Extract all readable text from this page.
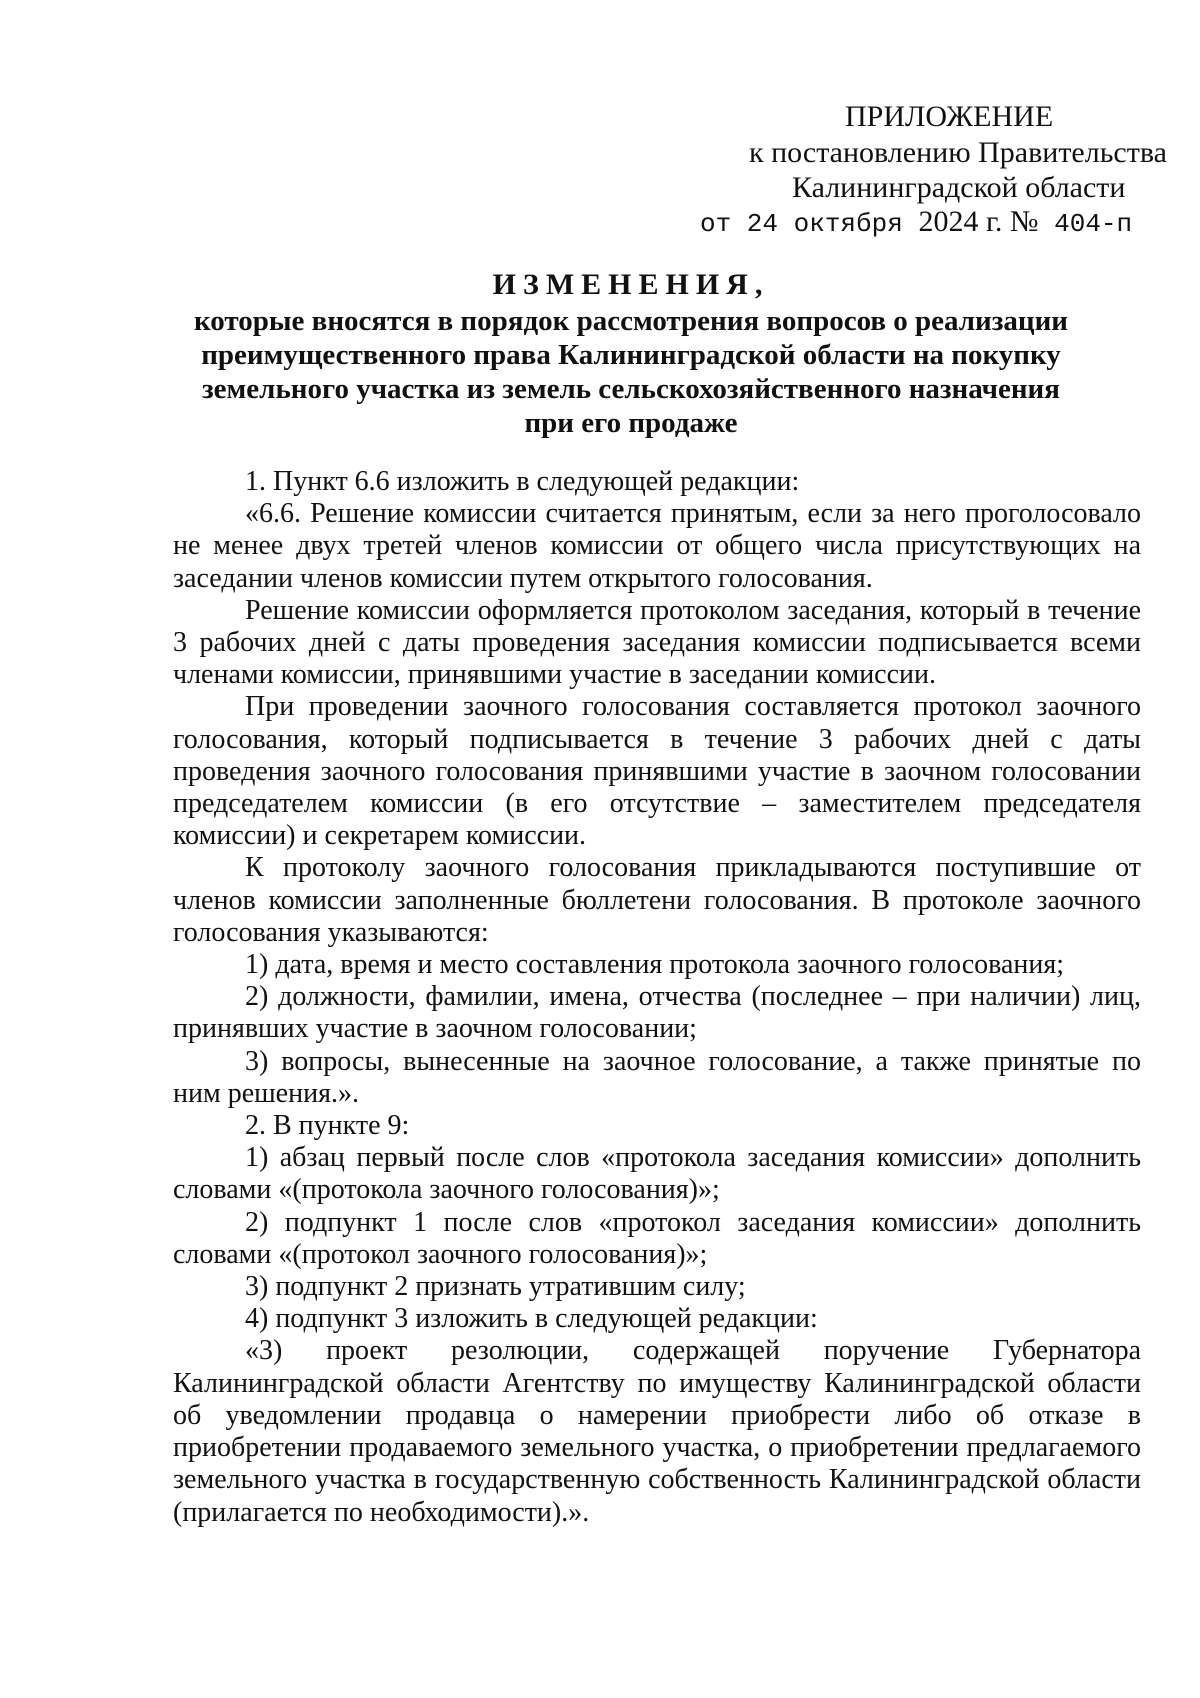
ПРИЛОЖЕНИЕ
к постановлению Правительства
Калининградской области
от 24 октября 2024 г. № 404-п
ИЗМЕНЕНИЯ,
которые вносятся в порядок рассмотрения вопросов о реализации
преимущественного права Калининградской области на покупку
земельного участка из земель сельскохозяйственного назначения
при его продаже

1. Пункт 6.6 изложить в следующей редакции:

«6.6. Решение комиссии считается принятым, если за него проголосовало не менее двух третей членов комиссии от общего числа присутствующих на заседании членов комиссии путем открытого голосования.

Решение комиссии оформляется протоколом заседания, который в течение 3 рабочих дней с даты проведения заседания комиссии подписывается всеми членами комиссии, принявшими участие в заседании комиссии.

При проведении заочного голосования составляется протокол заочного голосования, который подписывается в течение 3 рабочих дней с даты проведения заочного голосования принявшими участие в заочном голосовании председателем комиссии (в его отсутствие – заместителем председателя комиссии) и секретарем комиссии.

К протоколу заочного голосования прикладываются поступившие от членов комиссии заполненные бюллетени голосования. В протоколе заочного голосования указываются:

1) дата, время и место составления протокола заочного голосования;

2) должности, фамилии, имена, отчества (последнее – при наличии) лиц, принявших участие в заочном голосовании;

3) вопросы, вынесенные на заочное голосование, а также принятые по ним решения.».

2. В пункте 9:

1) абзац первый после слов «протокола заседания комиссии» дополнить словами «(протокола заочного голосования)»;

2) подпункт 1 после слов «протокол заседания комиссии» дополнить словами «(протокол заочного голосования)»;

3) подпункт 2 признать утратившим силу;

4) подпункт 3 изложить в следующей редакции:

«3) проект резолюции, содержащей поручение Губернатора Калининградской области Агентству по имуществу Калининградской области об уведомлении продавца о намерении приобрести либо об отказе в приобретении продаваемого земельного участка, о приобретении предлагаемого земельного участка в государственную собственность Калининградской области (прилагается по необходимости).».
